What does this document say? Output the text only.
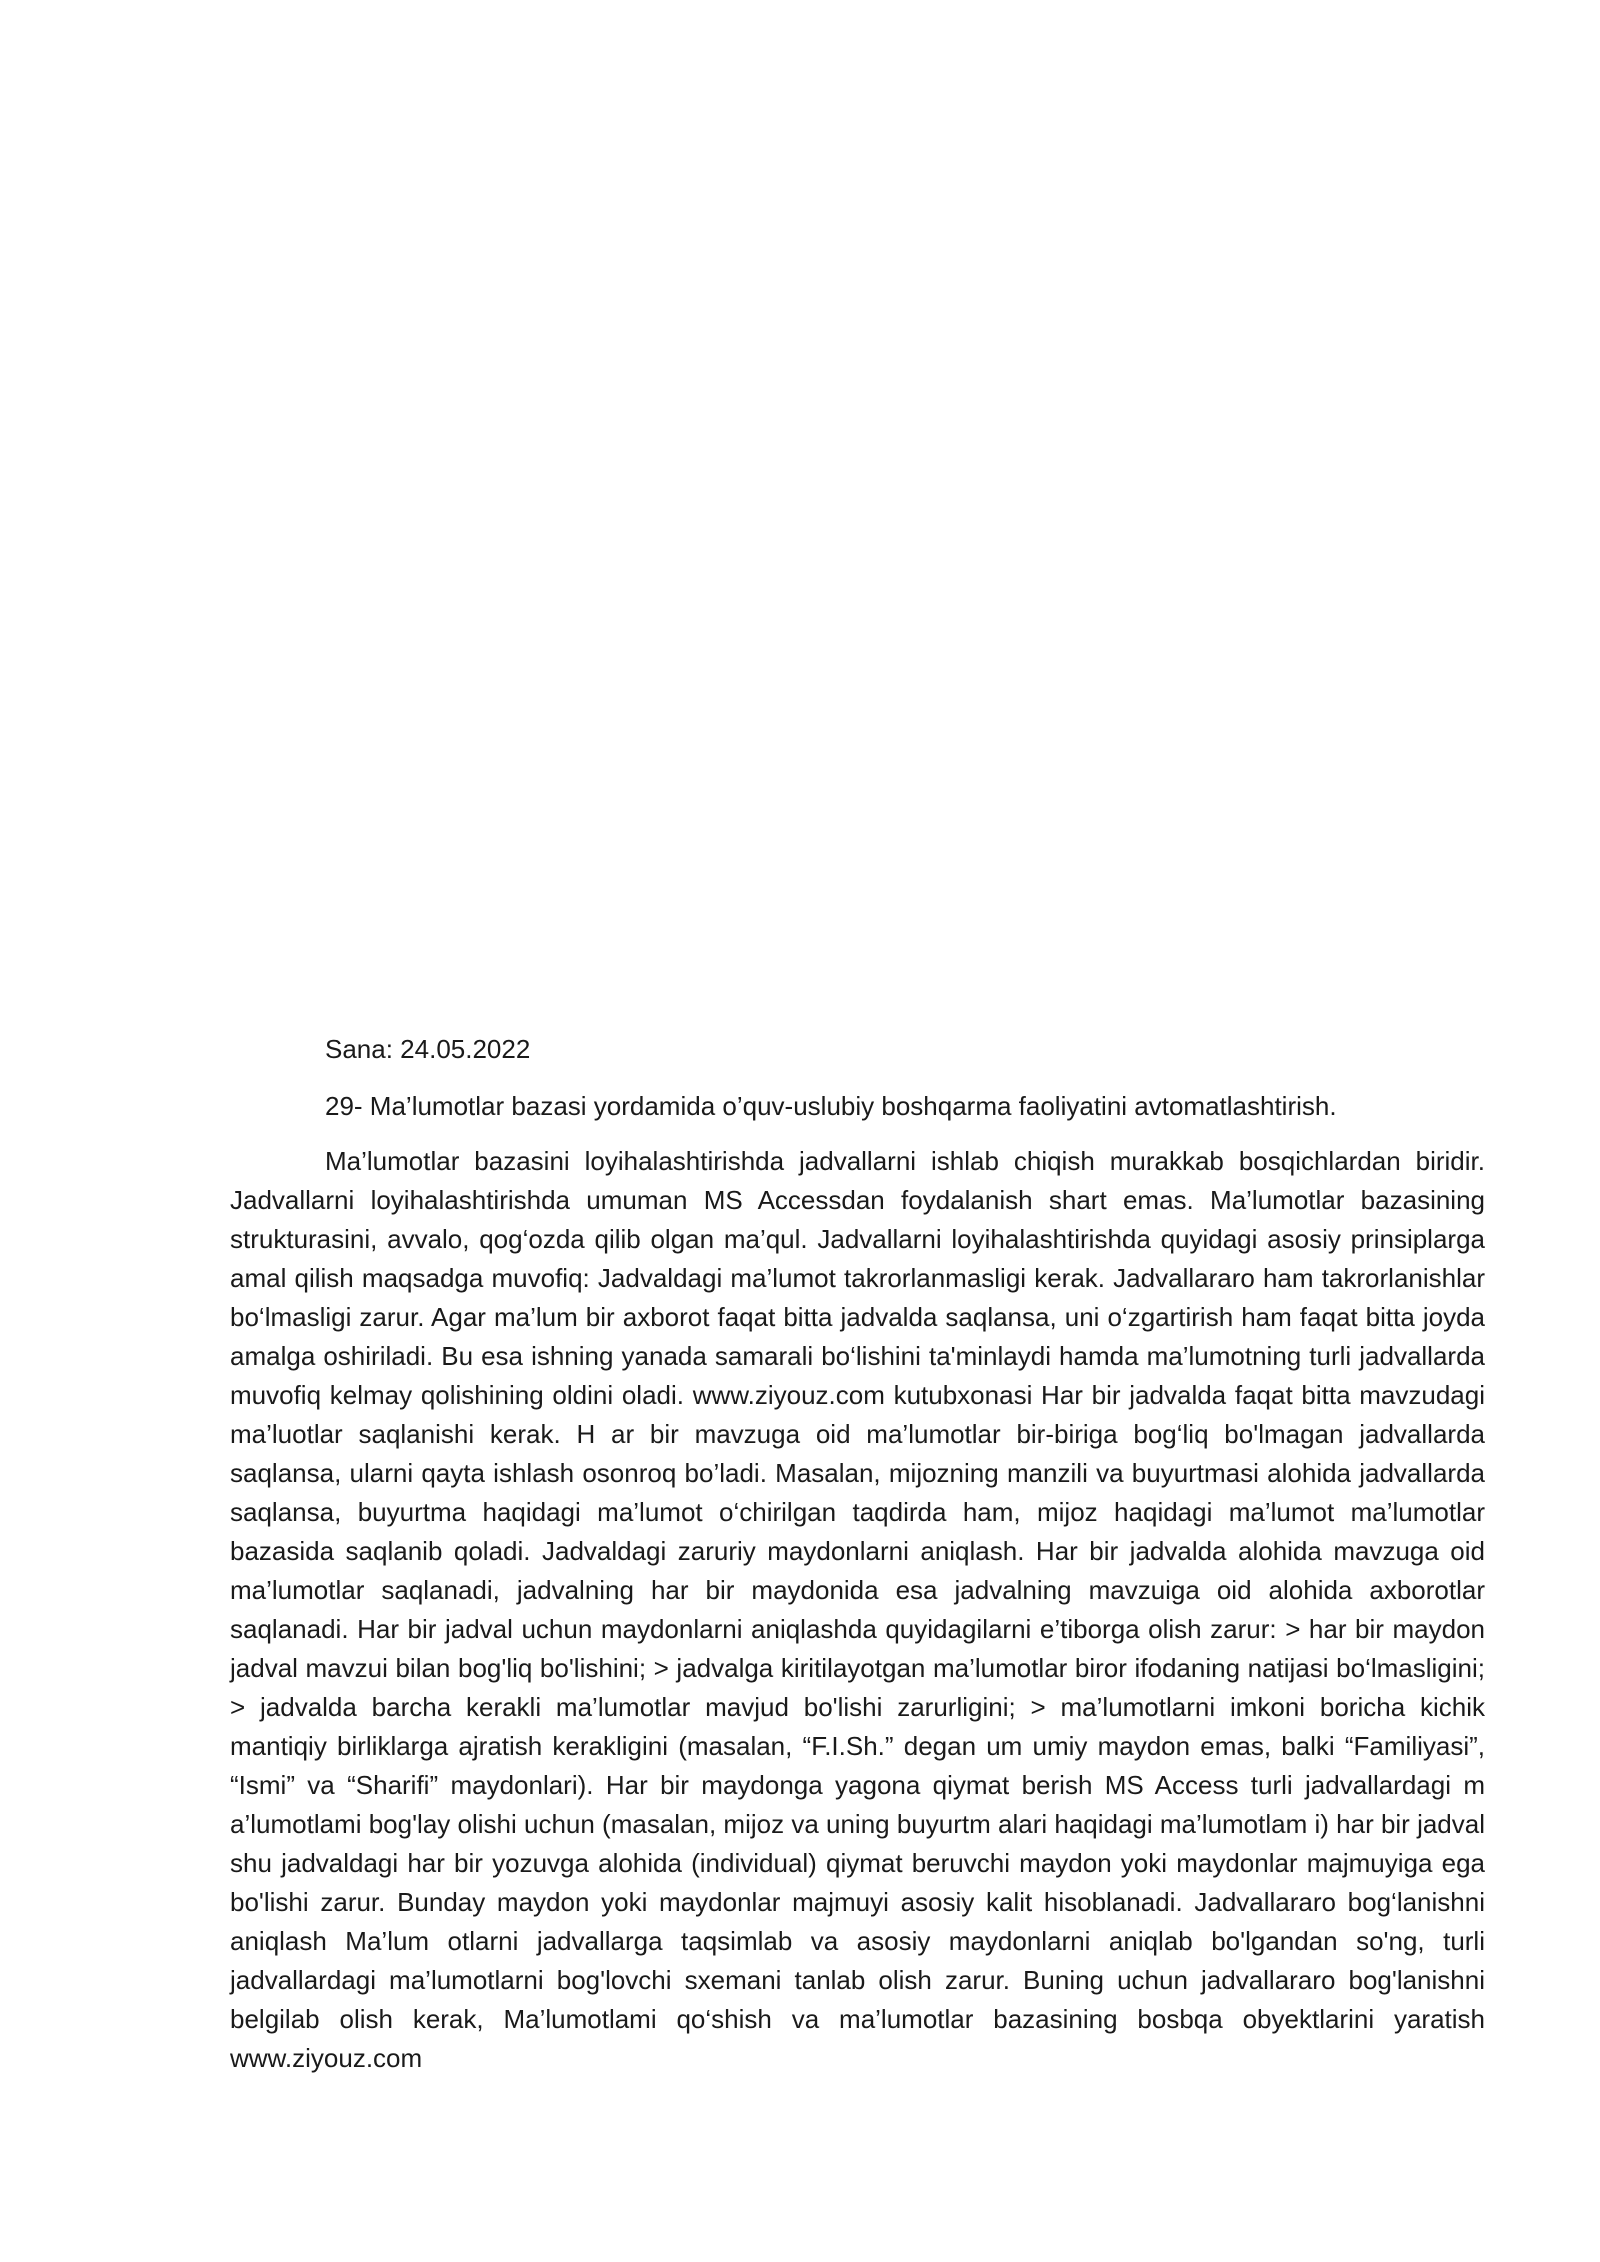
Sana: 24.05.2022
29- Ma’lumotlar bazasi yordamida o’quv-uslubiy boshqarma faoliyatini avtomatlashtirish.

Ma’lumotlar bazasini loyihalashtirishda jadvallarni ishlab chiqish murakkab bosqichlardan biridir. Jadvallarni loyihalashtirishda umuman MS Accessdan foydalanish shart emas. Ma’lumotlar bazasining strukturasini, avvalo, qog‘ozda qilib olgan ma’qul. Jadvallarni loyihalashtirishda quyidagi asosiy prinsiplarga amal qilish maqsadga muvofiq: Jadvaldagi ma’lumot takrorlanmasligi kerak. Jadvallararo ham takrorlanishlar bo‘lmasligi zarur. Agar ma’lum bir axborot faqat bitta jadvalda saqlansa, uni o‘zgartirish ham faqat bitta joyda amalga oshiriladi. Bu esa ishning yanada samarali bo‘lishini ta'minlaydi hamda ma’lumotning turli jadvallarda muvofiq kelmay qolishining oldini oladi. www.ziyouz.com kutubxonasi Har bir jadvalda faqat bitta mavzudagi ma’luotlar saqlanishi kerak. H ar bir mavzuga oid ma’lumotlar bir-biriga bog‘liq bo'lmagan jadvallarda saqlansa, ularni qayta ishlash osonroq bo’ladi. Masalan, mijozning manzili va buyurtmasi alohida jadvallarda saqlansa, buyurtma haqidagi ma’lumot o‘chirilgan taqdirda ham, mijoz haqidagi ma’lumot ma’lumotlar bazasida saqlanib qoladi. Jadvaldagi zaruriy maydonlarni aniqlash. Har bir jadvalda alohida mavzuga oid ma’lumotlar saqlanadi, jadvalning har bir maydonida esa jadvalning mavzuiga oid alohida axborotlar saqlanadi. Har bir jadval uchun maydonlarni aniqlashda quyidagilarni e’tiborga olish zarur: > har bir maydon jadval mavzui bilan bog'liq bo'lishini; > jadvalga kiritilayotgan ma’lumotlar biror ifodaning natijasi bo‘lmasligini; > jadvalda barcha kerakli ma’lumotlar mavjud bo'lishi zarurligini; > ma’lumotlarni imkoni boricha kichik mantiqiy birliklarga ajratish kerakligini (masalan, “F.I.Sh.” degan um umiy maydon emas, balki “Familiyasi”, “Ismi” va “Sharifi” maydonlari). Har bir maydonga yagona qiymat berish MS Access turli jadvallardagi m a’lumotlami bog'lay olishi uchun (masalan, mijoz va uning buyurtm alari haqidagi ma’lumotlam i) har bir jadval shu jadvaldagi har bir yozuvga alohida (individual) qiymat beruvchi maydon yoki maydonlar majmuyiga ega bo'lishi zarur. Bunday maydon yoki maydonlar majmuyi asosiy kalit hisoblanadi. Jadvallararo bog‘lanishni aniqlash Ma’lum otlarni jadvallarga taqsimlab va asosiy maydonlarni aniqlab bo'lgandan so'ng, turli jadvallardagi ma’lumotlarni bog'lovchi sxemani tanlab olish zarur. Buning uchun jadvallararo bog'lanishni belgilab olish kerak, Ma’lumotlami qo‘shish va ma’lumotlar bazasining bosbqa obyektlarini yaratish www.ziyouz.com
